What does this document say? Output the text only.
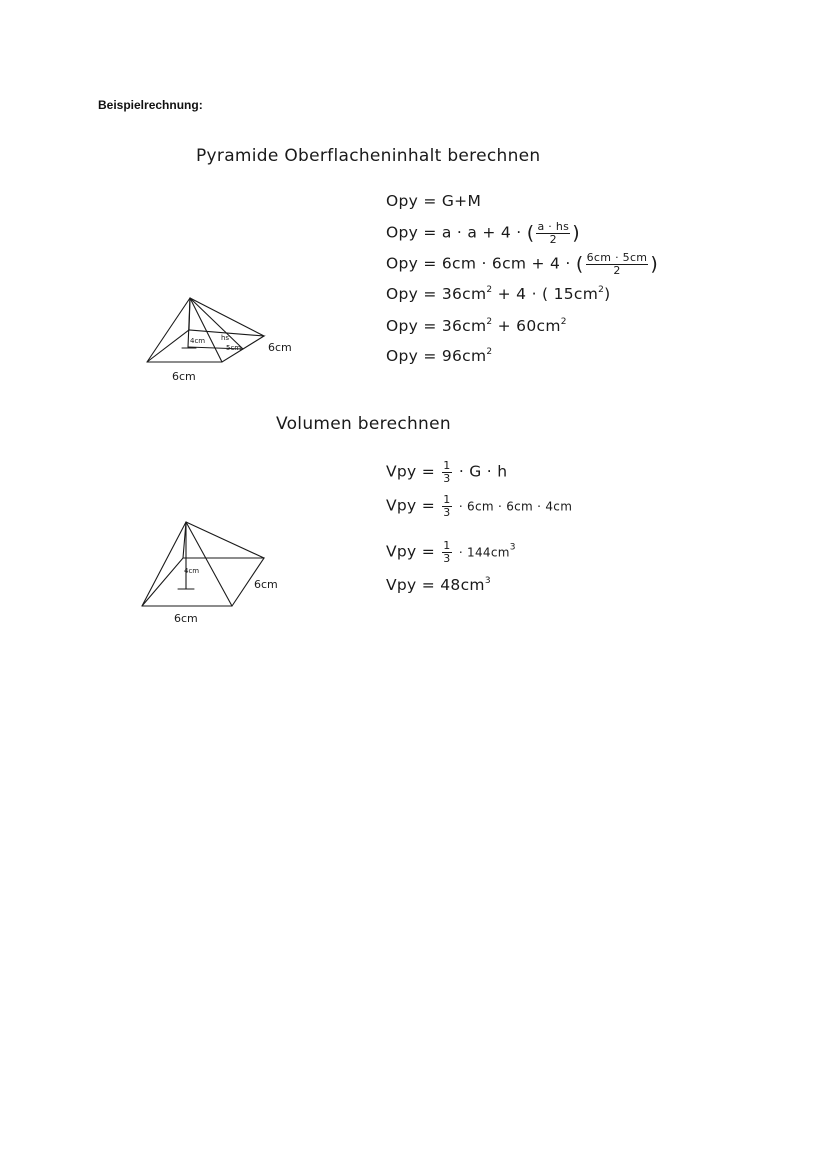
Beispielrechnung:
Pyramide Oberflacheninhalt berechnen
Opy = G+M
Opy = a · a + 4 · ( $\frac{a \cdot hs}{2}$ )
Opy = 6cm · 6cm + 4 · ( $\frac{6cm \cdot 5cm}{2}$ )
Opy = $36cm^2 + 4$ · ( $15cm^2$)
Opy = $36cm^2 + 60cm^2$
Opy = $96cm^2$
4cm hs
5cm 6cm
6cm
Volumen berechnen
Vpy = $\frac{1}{3} \cdot G \cdot h$
Vpy = $\frac{1}{3} \cdot 6cm \cdot 6cm \cdot 4cm$
Vpy = $\frac{1}{3} \cdot 144cm^3$
Vpy = $48cm^3$
4cm
6cm
6cm
